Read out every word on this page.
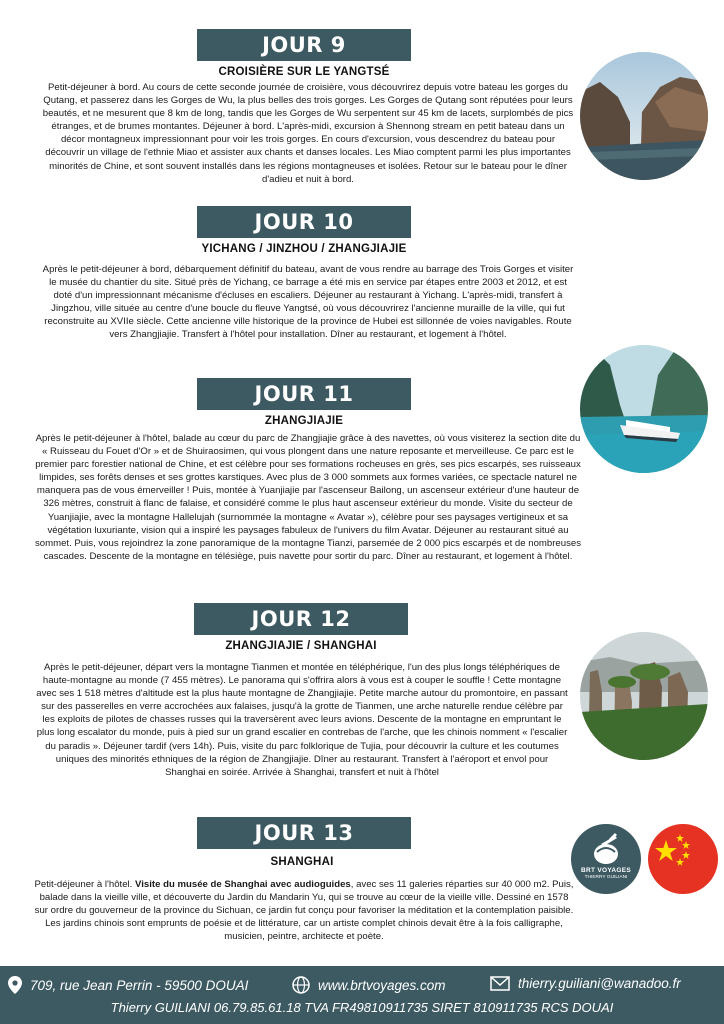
JOUR 9
CROISIÈRE SUR LE YANGTSÉ
Petit-déjeuner à bord. Au cours de cette seconde journée de croisière, vous découvrirez depuis votre bateau les gorges du Qutang, et passerez dans les Gorges de Wu, la plus belles des trois gorges. Les Gorges de Qutang sont réputées pour leurs beautés, et ne mesurent que 8 km de long, tandis que les Gorges de Wu serpentent sur 45 km de lacets, surplombés de pics étranges, et de brumes montantes. Déjeuner à bord. L'après-midi, excursion à Shennong stream en petit bateau dans un décor montagneux impressionnant pour voir les trois gorges. En cours d'excursion, vous descendrez du bateau pour découvrir un village de l'ethnie Miao et assister aux chants et danses locales. Les Miao comptent parmi les plus importantes minorités de Chine, et sont souvent installés dans les régions montagneuses et isolées. Retour sur le bateau pour le dîner d'adieu et nuit à bord.
JOUR 10
YICHANG / JINZHOU / ZHANGJIAJIE
Après le petit-déjeuner à bord, débarquement définitif du bateau, avant de vous rendre au barrage des Trois Gorges et visiter le musée du chantier du site. Situé près de Yichang, ce barrage a été mis en service par étapes entre 2003 et 2012, et est doté d'un impressionnant mécanisme d'écluses en escaliers. Déjeuner au restaurant à Yichang. L'après-midi, transfert à Jingzhou, ville située au centre d'une boucle du fleuve Yangtsé, où vous découvrirez l'ancienne muraille de la ville, qui fut reconstruite au XVIIe siècle. Cette ancienne ville historique de la province de Hubei est sillonnée de voies navigables. Route vers Zhangjiajie. Transfert à l'hôtel pour installation. Dîner au restaurant, et logement à l'hôtel.
JOUR 11
ZHANGJIAJIE
Après le petit-déjeuner à l'hôtel, balade au cœur du parc de Zhangjiajie grâce à des navettes, où vous visiterez la section dite du « Ruisseau du Fouet d'Or » et de Shuiraosimen, qui vous plongent dans une nature reposante et merveilleuse. Ce parc est le premier parc forestier national de Chine, et est célèbre pour ses formations rocheuses en grès, ses pics escarpés, ses ruisseaux limpides, ses forêts denses et ses grottes karstiques. Avec plus de 3 000 sommets aux formes variées, ce spectacle naturel ne manquera pas de vous émerveiller ! Puis, montée à Yuanjiajie par l'ascenseur Bailong, un ascenseur extérieur d'une hauteur de 326 mètres, construit à flanc de falaise, et considéré comme le plus haut ascenseur extérieur du monde. Visite du secteur de Yuanjiajie, avec la montagne Hallelujah (surnommée la montagne « Avatar »), célèbre pour ses paysages vertigineux et sa végétation luxuriante, vision qui a inspiré les paysages fabuleux de l'univers du film Avatar. Déjeuner au restaurant situé au sommet. Puis, vous rejoindrez la zone panoramique de la montagne Tianzi, parsemée de 2 000 pics escarpés et de nombreuses cascades. Descente de la montagne en télésiège, puis navette pour sortir du parc. Dîner au restaurant, et logement à l'hôtel.
JOUR 12
ZHANGJIAJIE / SHANGHAI
Après le petit-déjeuner, départ vers la montagne Tianmen et montée en téléphérique, l'un des plus longs téléphériques de haute-montagne au monde (7 455 mètres). Le panorama qui s'offrira alors à vous est à couper le souffle ! Cette montagne avec ses 1 518 mètres d'altitude est la plus haute montagne de Zhangjiajie. Petite marche autour du promontoire, en passant sur des passerelles en verre accrochées aux falaises, jusqu'à la grotte de Tianmen, une arche naturelle rendue célèbre par les exploits de pilotes de chasses russes qui la traversèrent avec leurs avions. Descente de la montagne en empruntant le plus long escalator du monde, puis à pied sur un grand escalier en contrebas de l'arche, que les chinois nomment « l'escalier du paradis ». Déjeuner tardif (vers 14h). Puis, visite du parc folklorique de Tujia, pour découvrir la culture et les coutumes uniques des minorités ethniques de la région de Zhangjiajie. Dîner au restaurant. Transfert à l'aéroport et envol pour Shanghai en soirée. Arrivée à Shanghai, transfert et nuit à l'hôtel
JOUR 13
SHANGHAI
Petit-déjeuner à l'hôtel. Visite du musée de Shanghai avec audioguides, avec ses 11 galeries réparties sur 40 000 m2. Puis, balade dans la vieille ville, et découverte du Jardin du Mandarin Yu, qui se trouve au cœur de la vieille ville. Dessiné en 1578 sur ordre du gouverneur de la province du Sichuan, ce jardin fut conçu pour favoriser la méditation et la contemplation paisible. Les jardins chinois sont emprunts de poésie et de littérature, car un artiste complet chinois devait être à la fois calligraphe, musicien, peintre, architecte et poète.
BRT VOYAGES
THIERRY GUILIANI
709, rue Jean Perrin - 59500 DOUAI	www.brtvoyages.com	thierry.guiliani@wanadoo.fr
Thierry GUILIANI 06.79.85.61.18 TVA FR49810911735 SIRET 810911735 RCS DOUAI
